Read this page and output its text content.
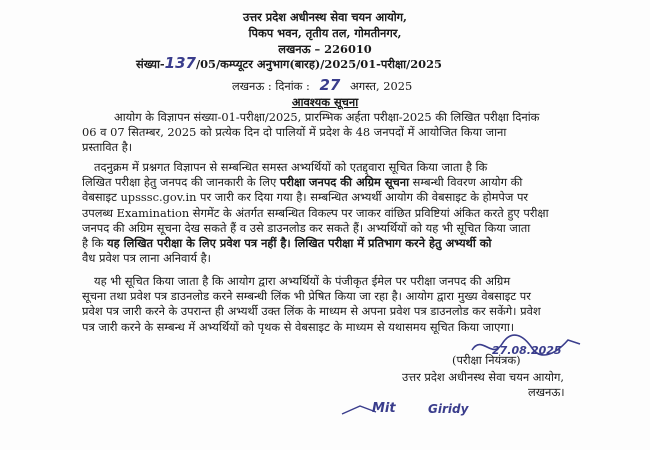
उत्तर प्रदेश अधीनस्थ सेवा चयन आयोग,
पिकप भवन, तृतीय तल, गोमतीनगर,
लखनऊ – 226010
संख्या-137/05/कम्प्यूटर अनुभाग(बारह)/2025/01-परीक्षा/2025
लखनऊ : दिनांक : 27 अगस्त, 2025
आवश्यक सूचना
आयोग के विज्ञापन संख्या-01-परीक्षा/2025, प्रारम्भिक अर्हता परीक्षा-2025 की लिखित परीक्षा दिनांक
06 व 07 सितम्बर, 2025 को प्रत्येक दिन दो पालियों में प्रदेश के 48 जनपदों में आयोजित किया जाना
प्रस्तावित है।
तदनुक्रम में प्रश्नगत विज्ञापन से सम्बन्धित समस्त अभ्यर्थियों को एतद्द्वारा सूचित किया जाता है कि
लिखित परीक्षा हेतु जनपद की जानकारी के लिए परीक्षा जनपद की अग्रिम सूचना सम्बन्धी विवरण आयोग की
वेबसाइट upsssc.gov.in पर जारी कर दिया गया है। सम्बन्धित अभ्यर्थी आयोग की वेबसाइट के होमपेज पर
उपलब्ध Examination सेगमेंट के अंतर्गत सम्बन्धित विकल्प पर जाकर वांछित प्रविष्टियां अंकित करते हुए परीक्षा
जनपद की अग्रिम सूचना देख सकते हैं व उसे डाउनलोड कर सकते हैं। अभ्यर्थियों को यह भी सूचित किया जाता
है कि यह लिखित परीक्षा के लिए प्रवेश पत्र नहीं है। लिखित परीक्षा में प्रतिभाग करने हेतु अभ्यर्थी को
वैध प्रवेश पत्र लाना अनिवार्य है।
यह भी सूचित किया जाता है कि आयोग द्वारा अभ्यर्थियों के पंजीकृत ईमेल पर परीक्षा जनपद की अग्रिम
सूचना तथा प्रवेश पत्र डाउनलोड करने सम्बन्धी लिंक भी प्रेषित किया जा रहा है। आयोग द्वारा मुख्य वेबसाइट पर
प्रवेश पत्र जारी करने के उपरान्त ही अभ्यर्थी उक्त लिंक के माध्यम से अपना प्रवेश पत्र डाउनलोड कर सकेंगे। प्रवेश
पत्र जारी करने के सम्बन्ध में अभ्यर्थियों को पृथक से वेबसाइट के माध्यम से यथासमय सूचित किया जाएगा।
27.08.2025
(परीक्षा नियंत्रक)
उत्तर प्रदेश अधीनस्थ सेवा चयन आयोग,
लखनऊ।
Mit	Giridy
